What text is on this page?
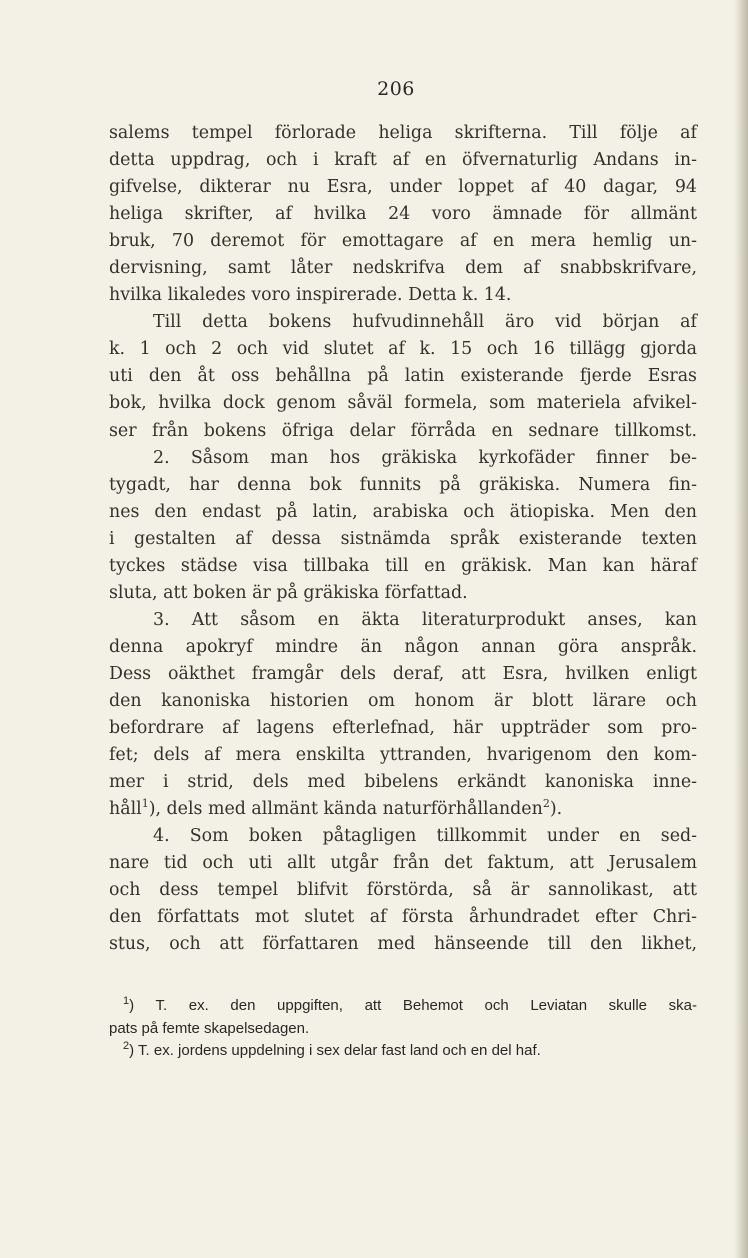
206
salems tempel förlorade heliga skrifterna. Till följe af
detta uppdrag, och i kraft af en öfvernaturlig Andans in-
gifvelse, dikterar nu Esra, under loppet af 40 dagar, 94
heliga skrifter, af hvilka 24 voro ämnade för allmänt
bruk, 70 deremot för emottagare af en mera hemlig un-
dervisning, samt låter nedskrifva dem af snabbskrifvare,
hvilka likaledes voro inspirerade. Detta k. 14.
Till detta bokens hufvudinnehåll äro vid början af
k. 1 och 2 och vid slutet af k. 15 och 16 tillägg gjorda
uti den åt oss behållna på latin existerande fjerde Esras
bok, hvilka dock genom såväl formela, som materiela afvikel-
ser från bokens öfriga delar förråda en sednare tillkomst.
2. Såsom man hos gräkiska kyrkofäder finner be-
tygadt, har denna bok funnits på gräkiska. Numera fin-
nes den endast på latin, arabiska och ätiopiska. Men den
i gestalten af dessa sistnämda språk existerande texten
tyckes städse visa tillbaka till en gräkisk. Man kan häraf
sluta, att boken är på gräkiska författad.
3. Att såsom en äkta literaturprodukt anses, kan
denna apokryf mindre än någon annan göra anspråk.
Dess oäkthet framgår dels deraf, att Esra, hvilken enligt
den kanoniska historien om honom är blott lärare och
befordrare af lagens efterlefnad, här uppträder som pro-
fet; dels af mera enskilta yttranden, hvarigenom den kom-
mer i strid, dels med bibelens erkändt kanoniska inne-
håll$^1$), dels med allmänt kända naturförhållanden$^2$).
4. Som boken påtagligen tillkommit under en sed-
nare tid och uti allt utgår från det faktum, att Jerusalem
och dess tempel blifvit förstörda, så är sannolikast, att
den författats mot slutet af första århundradet efter Chri-
stus, och att författaren med hänseende till den likhet,
$^1$) T. ex. den uppgiften, att Behemot och Leviatan skulle ska-
pats på femte skapelsedagen.
$^2$) T. ex. jordens uppdelning i sex delar fast land och en del haf.
